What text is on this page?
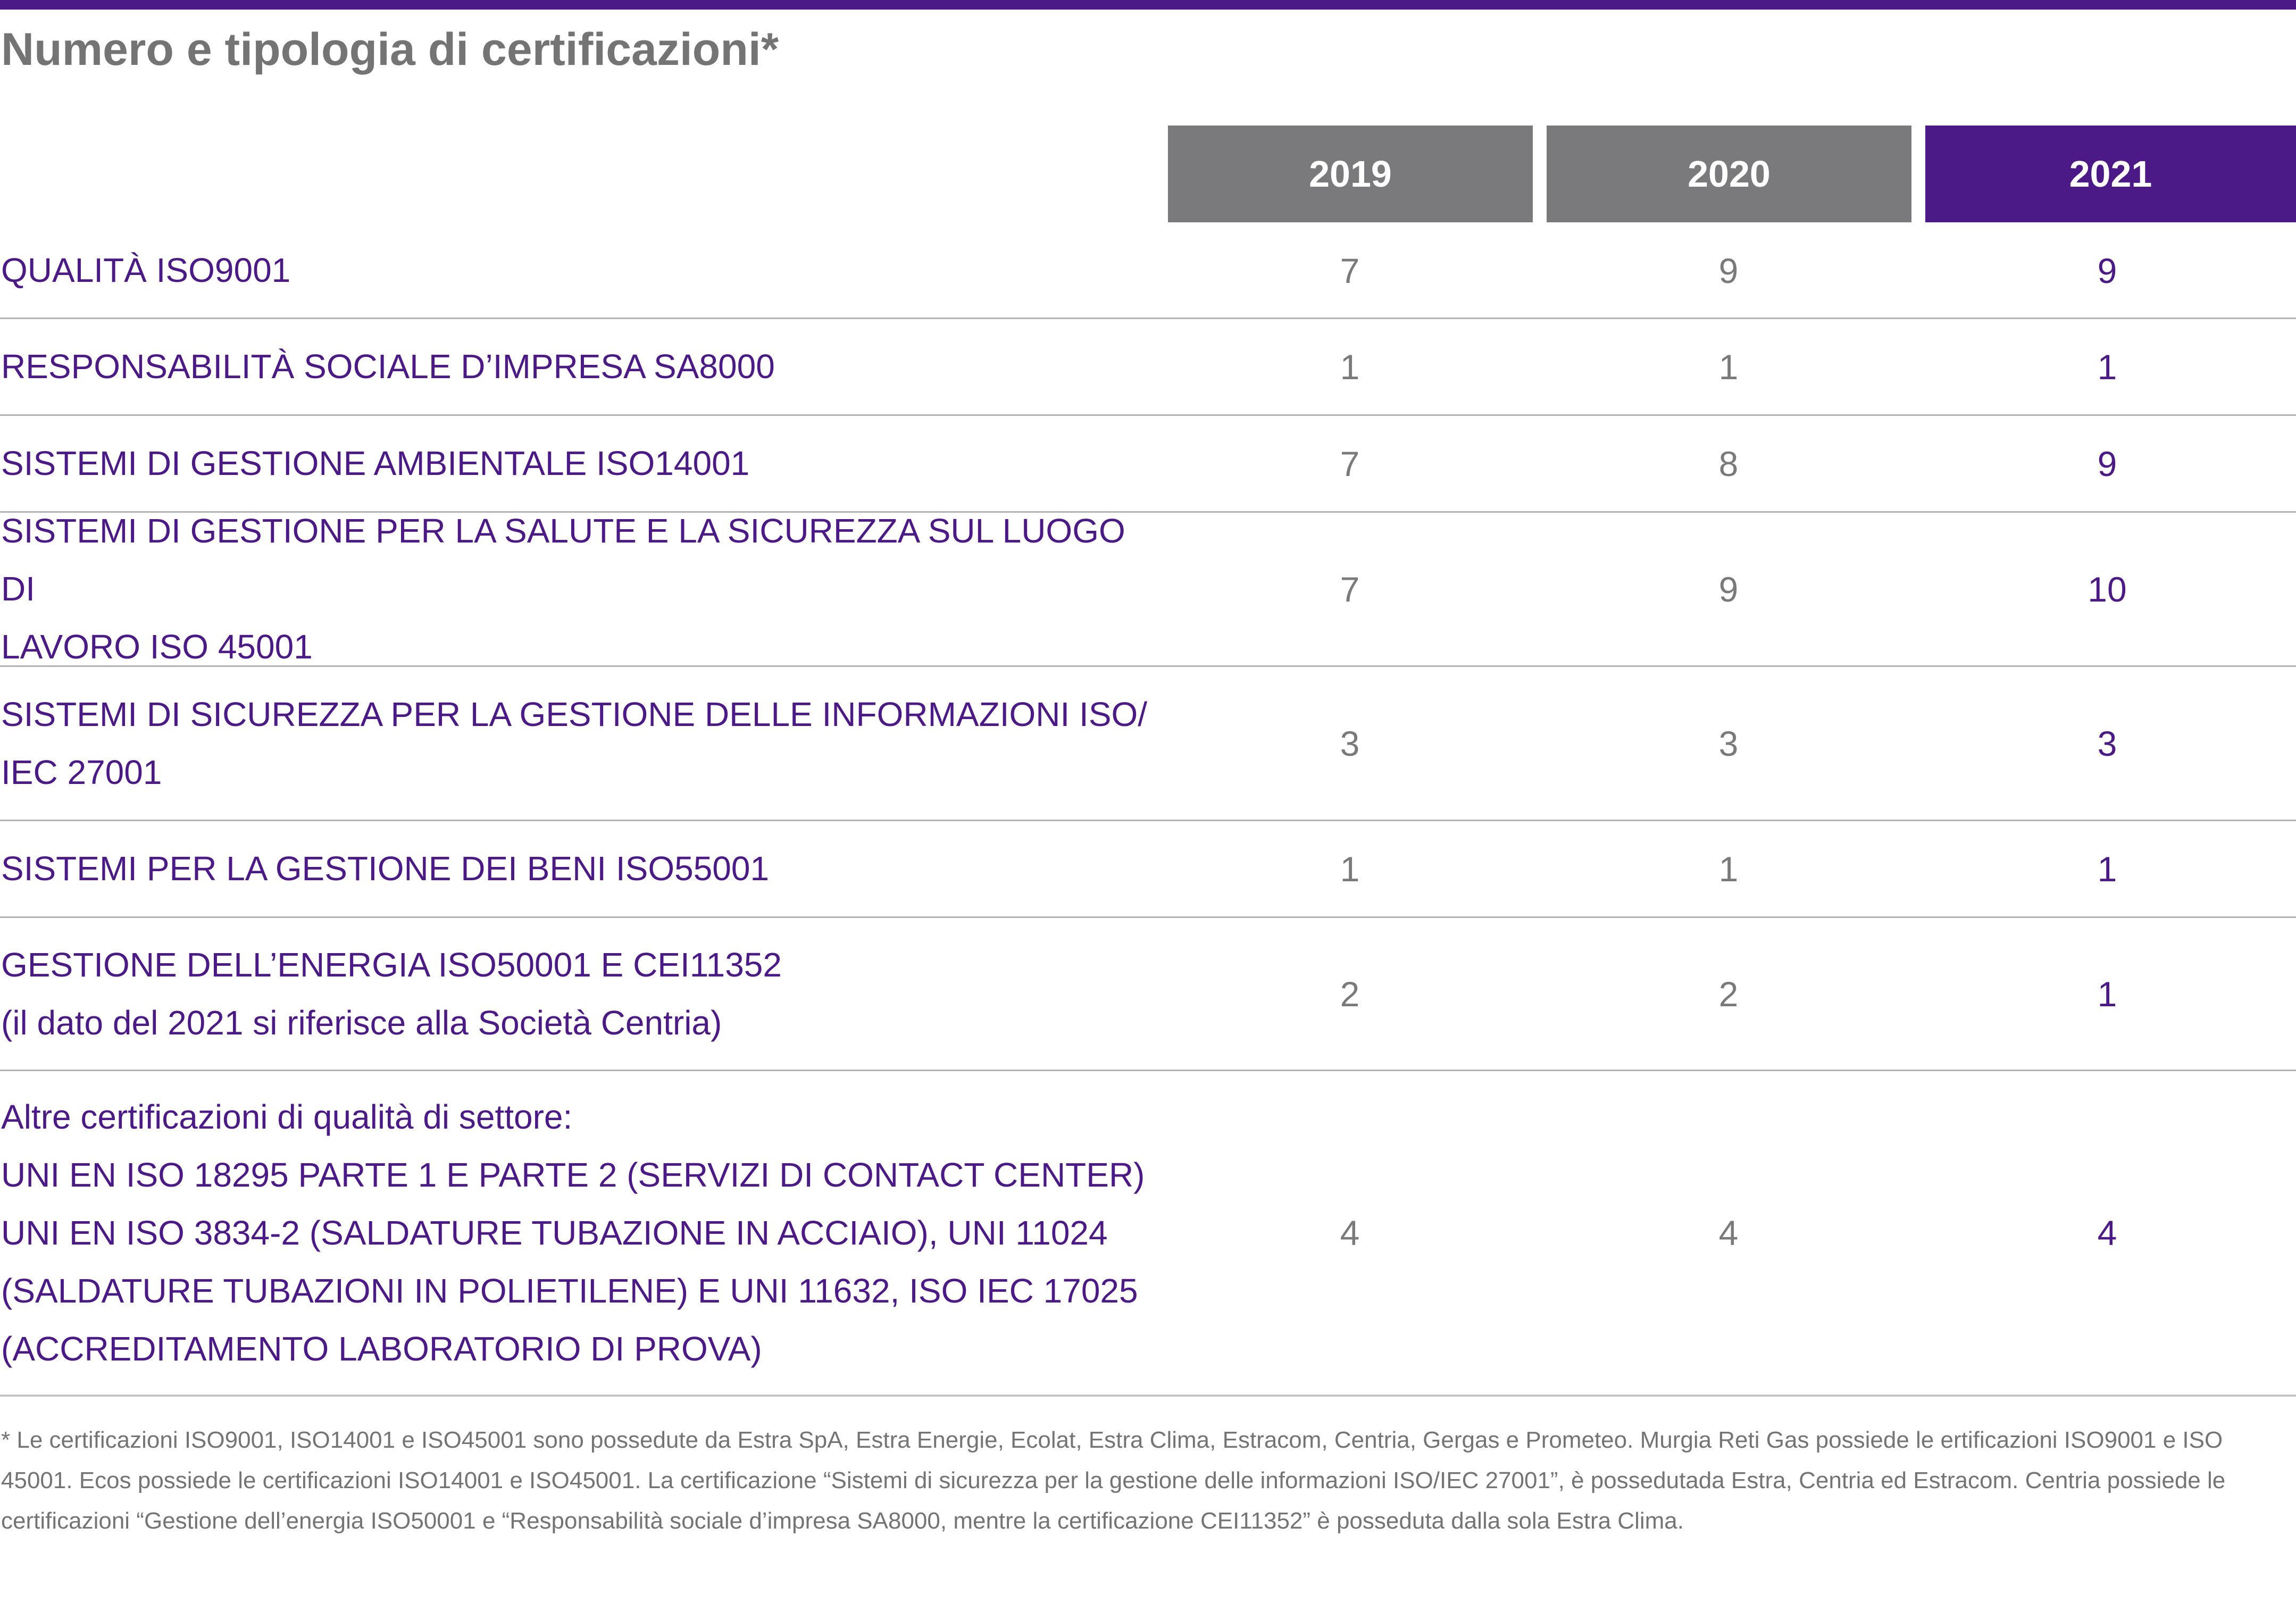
Numero e tipologia di certificazioni*
2019	2020	2021
QUALITÀ ISO9001	7	9	9
RESPONSABILITÀ SOCIALE D’IMPRESA SA8000	1	1	1
SISTEMI DI GESTIONE AMBIENTALE ISO14001	7	8	9
SISTEMI DI GESTIONE PER LA SALUTE E LA SICUREZZA SUL LUOGO DI
LAVORO ISO 45001
7	9	10
SISTEMI DI SICUREZZA PER LA GESTIONE DELLE INFORMAZIONI ISO/
IEC 27001
3	3	3
SISTEMI PER LA GESTIONE DEI BENI ISO55001	1	1	1
GESTIONE DELL’ENERGIA ISO50001 E CEI11352
(il dato del 2021 si riferisce alla Società Centria)
2	2	1
Altre certificazioni di qualità di settore:
UNI EN ISO 18295 PARTE 1 E PARTE 2 (SERVIZI DI CONTACT CENTER)
UNI EN ISO 3834-2 (SALDATURE TUBAZIONE IN ACCIAIO), UNI 11024
(SALDATURE TUBAZIONI IN POLIETILENE) E UNI 11632, ISO IEC 17025
(ACCREDITAMENTO LABORATORIO DI PROVA)
4	4	4
* Le certificazioni ISO9001, ISO14001 e ISO45001 sono possedute da Estra SpA, Estra Energie, Ecolat, Estra Clima, Estracom, Centria, Gergas e Prometeo. Murgia Reti Gas possiede le ertificazioni ISO9001 e ISO 45001. Ecos possiede le certificazioni ISO14001 e ISO45001. La certificazione “Sistemi di sicurezza per la gestione delle informazioni ISO/IEC 27001”, è possedutada Estra, Centria ed Estracom. Centria possiede le certificazioni “Gestione dell’energia ISO50001 e “Responsabilità sociale d’impresa SA8000, mentre la certificazione CEI11352” è posseduta dalla sola Estra Clima.
